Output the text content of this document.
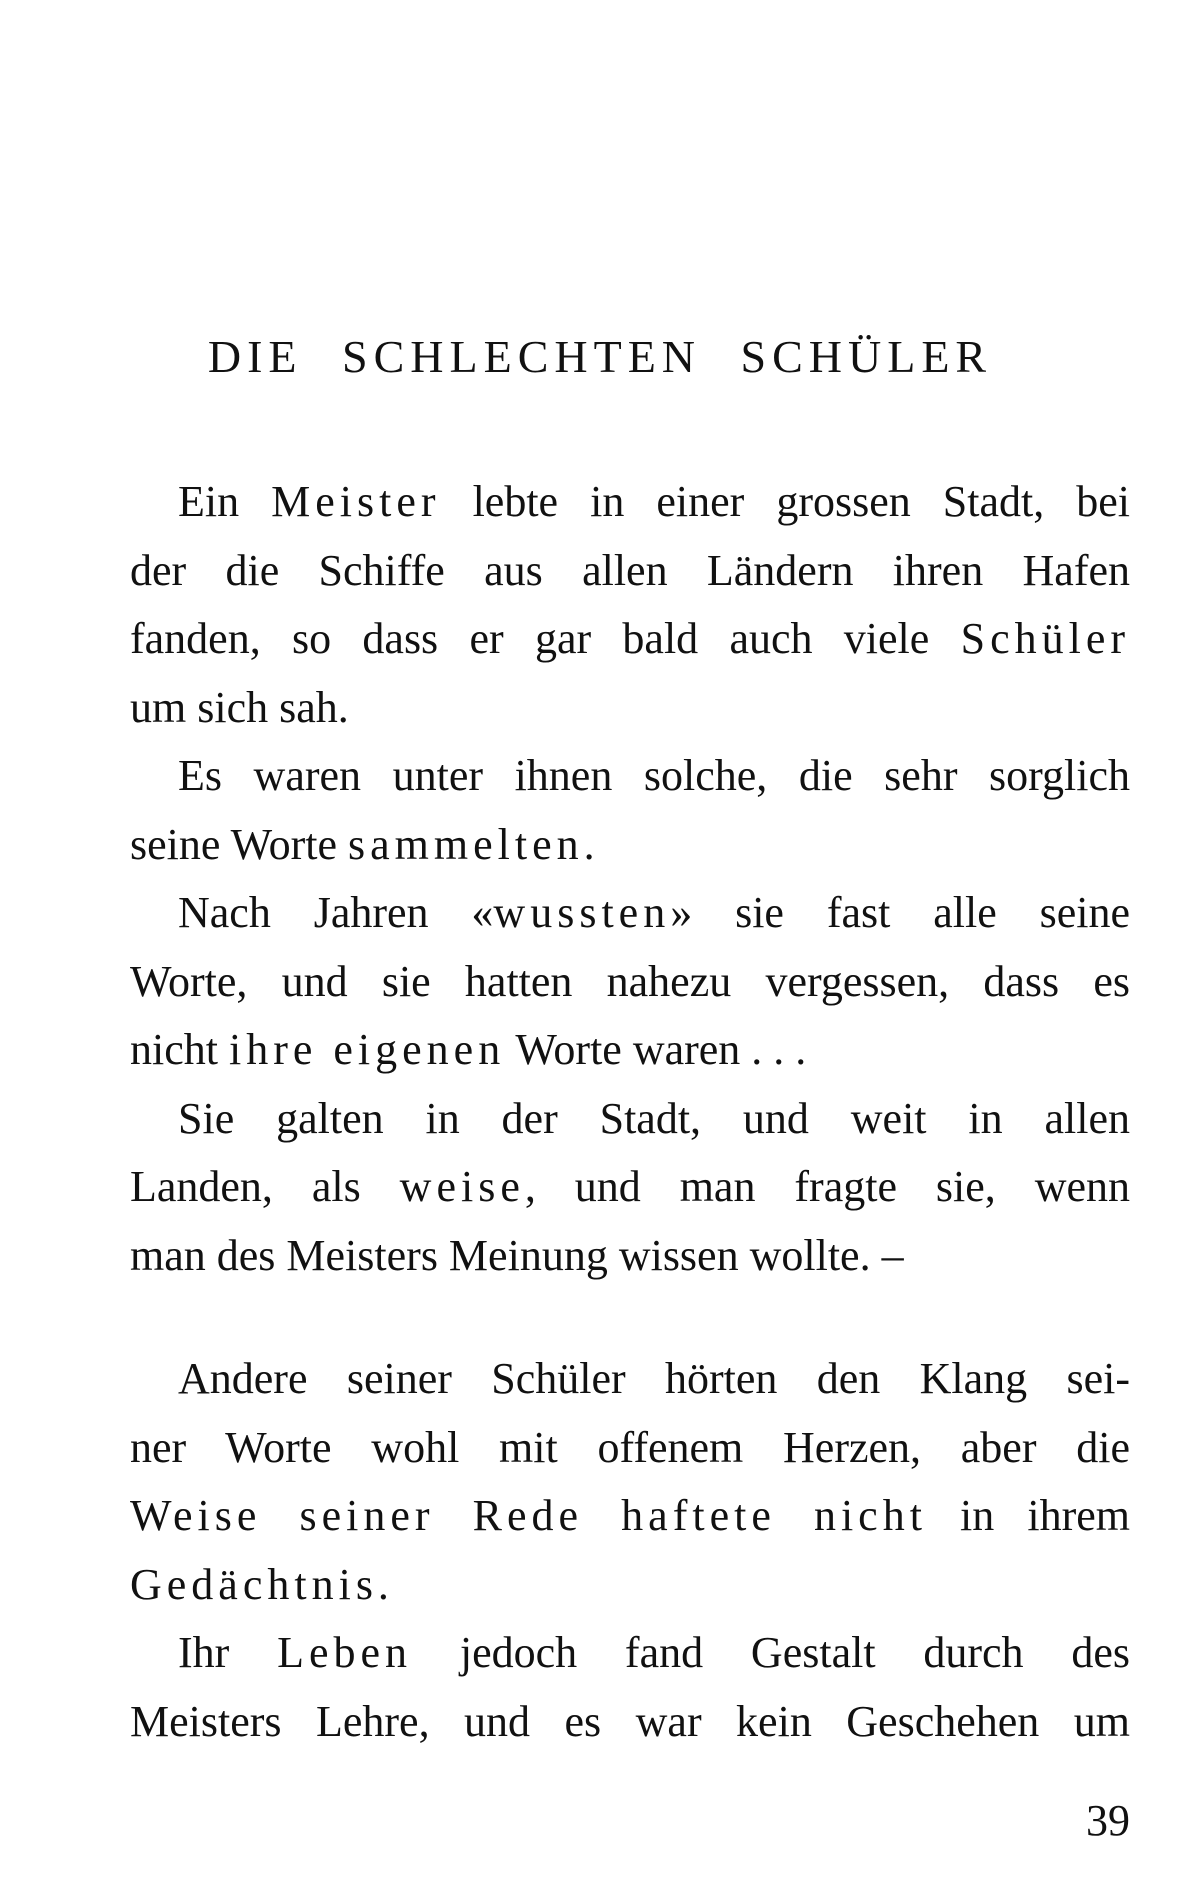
DIE SCHLECHTEN SCHÜLER
Ein Meister lebte in einer grossen Stadt, bei
der die Schiffe aus allen Ländern ihren Hafen
fanden, so dass er gar bald auch viele Schüler
um sich sah.
Es waren unter ihnen solche, die sehr sorglich
seine Worte sammelten.
Nach Jahren «wussten» sie fast alle seine
Worte, und sie hatten nahezu vergessen, dass es
nicht ihre eigenen Worte waren . . .
Sie galten in der Stadt, und weit in allen
Landen, als weise, und man fragte sie, wenn
man des Meisters Meinung wissen wollte. –
Andere seiner Schüler hörten den Klang sei-
ner Worte wohl mit offenem Herzen, aber die
Weise seiner Rede haftete nicht in ihrem
Gedächtnis.
Ihr Leben jedoch fand Gestalt durch des
Meisters Lehre, und es war kein Geschehen um
39
